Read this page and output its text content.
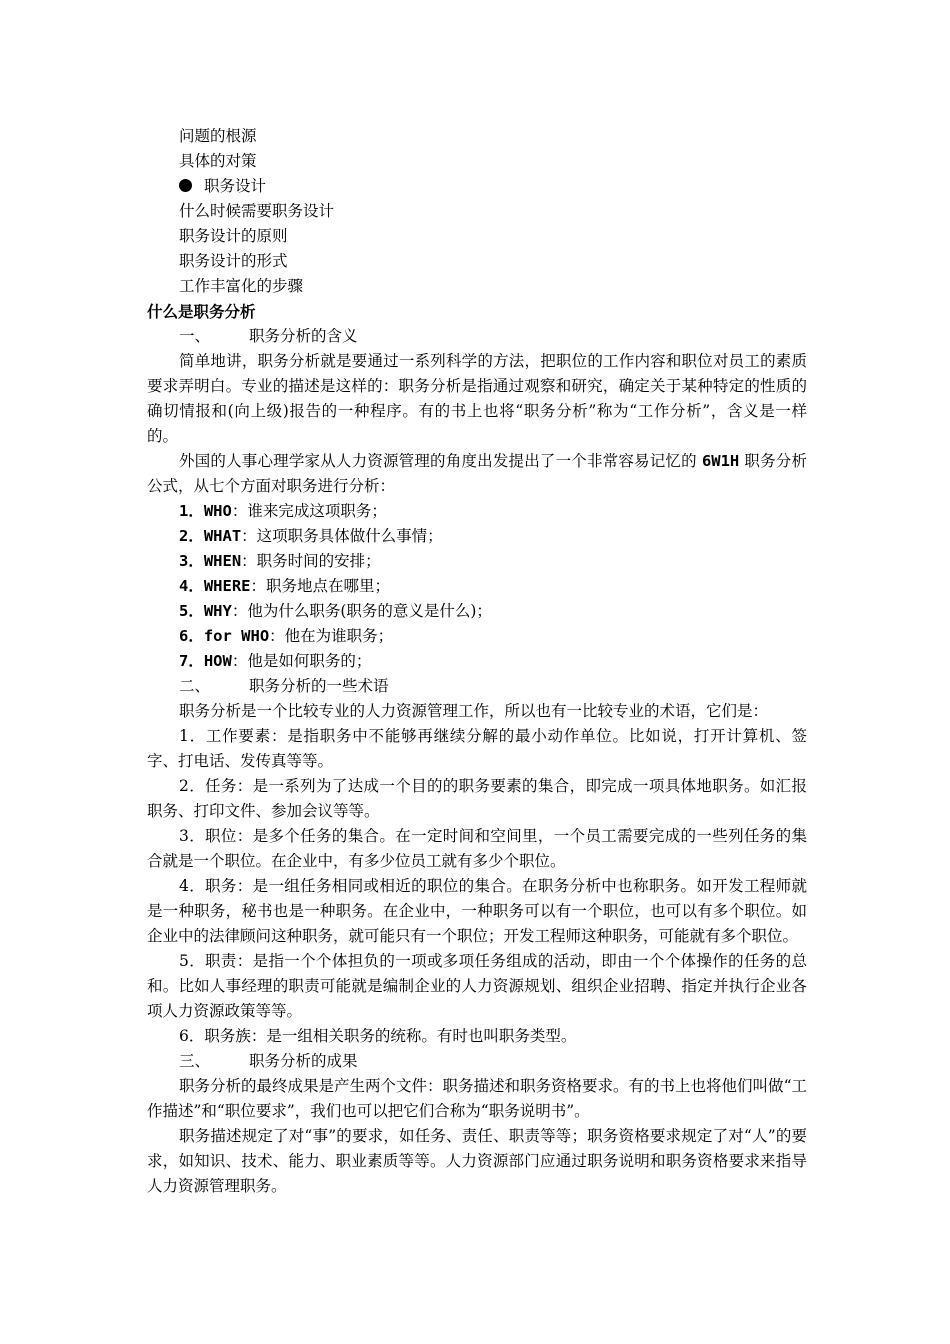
问题的根源
具体的对策
职务设计
什么时候需要职务设计
职务设计的原则
职务设计的形式
工作丰富化的步骤
什么是职务分析
一、	职务分析的含义
简单地讲，职务分析就是要通过一系列科学的方法，把职位的工作内容和职位对员工的素质要求弄明白。专业的描述是这样的：职务分析是指通过观察和研究，确定关于某种特定的性质的确切情报和(向上级)报告的一种程序。有的书上也将“职务分析”称为“工作分析”，含义是一样的。
外国的人事心理学家从人力资源管理的角度出发提出了一个非常容易记忆的 6W1H 职务分析公式，从七个方面对职务进行分析：
1．WHO：谁来完成这项职务；
2．WHAT：这项职务具体做什么事情；
3．WHEN：职务时间的安排；
4．WHERE：职务地点在哪里；
5．WHY：他为什么职务(职务的意义是什么)；
6．for WHO：他在为谁职务；
7．HOW：他是如何职务的；
二、	职务分析的一些术语
职务分析是一个比较专业的人力资源管理工作，所以也有一比较专业的术语，它们是：
1．工作要素：是指职务中不能够再继续分解的最小动作单位。比如说，打开计算机、签字、打电话、发传真等等。
2．任务：是一系列为了达成一个目的的职务要素的集合，即完成一项具体地职务。如汇报职务、打印文件、参加会议等等。
3．职位：是多个任务的集合。在一定时间和空间里，一个员工需要完成的一些列任务的集合就是一个职位。在企业中，有多少位员工就有多少个职位。
4．职务：是一组任务相同或相近的职位的集合。在职务分析中也称职务。如开发工程师就是一种职务，秘书也是一种职务。在企业中，一种职务可以有一个职位，也可以有多个职位。如企业中的法律顾问这种职务，就可能只有一个职位；开发工程师这种职务，可能就有多个职位。
5．职责：是指一个个体担负的一项或多项任务组成的活动，即由一个个体操作的任务的总和。比如人事经理的职责可能就是编制企业的人力资源规划、组织企业招聘、指定并执行企业各项人力资源政策等等。
6．职务族：是一组相关职务的统称。有时也叫职务类型。
三、	职务分析的成果
职务分析的最终成果是产生两个文件：职务描述和职务资格要求。有的书上也将他们叫做“工作描述”和“职位要求”，我们也可以把它们合称为“职务说明书”。
职务描述规定了对“事”的要求，如任务、责任、职责等等；职务资格要求规定了对“人”的要求，如知识、技术、能力、职业素质等等。人力资源部门应通过职务说明和职务资格要求来指导人力资源管理职务。
